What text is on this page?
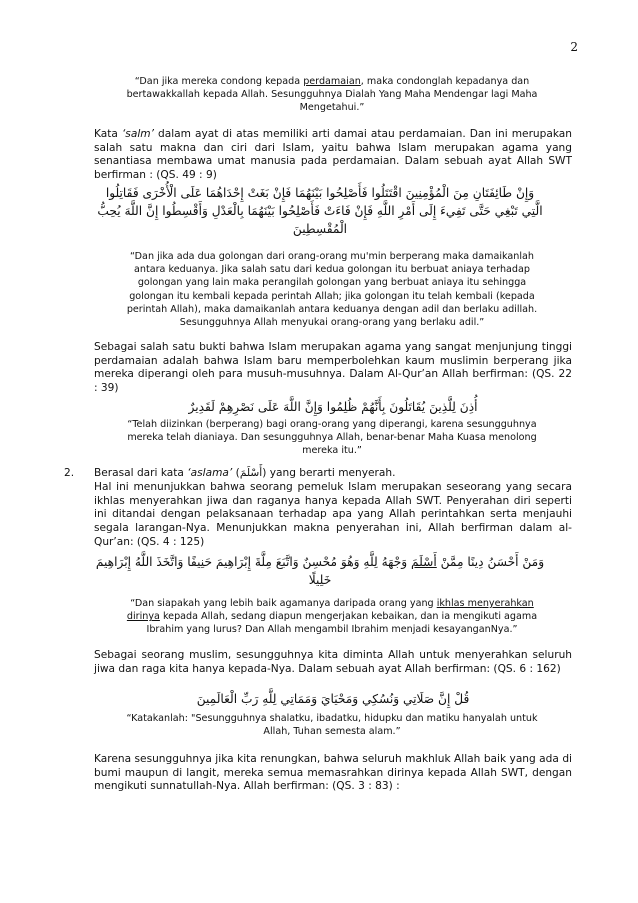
2
“Dan jika mereka condong kepada perdamaian, maka condonglah kepadanya dan
bertawakkallah kepada Allah. Sesungguhnya Dialah Yang Maha Mendengar lagi Maha
Mengetahui.”
Kata ‘salm’ dalam ayat di atas memiliki arti damai atau perdamaian. Dan ini merupakan salah satu makna dan ciri dari Islam, yaitu bahwa Islam merupakan agama yang senantiasa membawa umat manusia pada perdamaian. Dalam sebuah ayat Allah SWT berfirman : (QS. 49 : 9)
وَإِنْ طَائِفَتَانِ مِنَ الْمُؤْمِنِينَ اقْتَتَلُوا فَأَصْلِحُوا بَيْنَهُمَا فَإِنْ بَغَتْ إِحْدَاهُمَا عَلَى الْأُخْرَى فَقَاتِلُوا
الَّتِي تَبْغِي حَتَّى تَفِيءَ إِلَى أَمْرِ اللَّهِ فَإِنْ فَاءَتْ فَأَصْلِحُوا بَيْنَهُمَا بِالْعَدْلِ وَأَقْسِطُوا إِنَّ اللَّهَ يُحِبُّ
الْمُقْسِطِينَ
“Dan jika ada dua golongan dari orang-orang mu'min berperang maka damaikanlah
antara keduanya. Jika salah satu dari kedua golongan itu berbuat aniaya terhadap
golongan yang lain maka perangilah golongan yang berbuat aniaya itu sehingga
golongan itu kembali kepada perintah Allah; jika golongan itu telah kembali (kepada
perintah Allah), maka damaikanlah antara keduanya dengan adil dan berlaku adillah.
Sesungguhnya Allah menyukai orang-orang yang berlaku adil.”
Sebagai salah satu bukti bahwa Islam merupakan agama yang sangat menjunjung tinggi perdamaian adalah bahwa Islam baru memperbolehkan kaum muslimin berperang jika mereka diperangi oleh para musuh-musuhnya. Dalam Al-Qur’an Allah berfirman: (QS. 22 : 39)
أُذِنَ لِلَّذِينَ يُقَاتَلُونَ بِأَنَّهُمْ ظُلِمُوا وَإِنَّ اللَّهَ عَلَى نَصْرِهِمْ لَقَدِيرٌ
“Telah diizinkan (berperang) bagi orang-orang yang diperangi, karena sesungguhnya
mereka telah dianiaya. Dan sesungguhnya Allah, benar-benar Maha Kuasa menolong
mereka itu.”
2. Berasal dari kata ‘aslama’ (أَسْلَمَ) yang berarti menyerah.
Hal ini menunjukkan bahwa seorang pemeluk Islam merupakan seseorang yang secara ikhlas menyerahkan jiwa dan raganya hanya kepada Allah SWT. Penyerahan diri seperti ini ditandai dengan pelaksanaan terhadap apa yang Allah perintahkan serta menjauhi segala larangan-Nya. Menunjukkan makna penyerahan ini, Allah berfirman dalam al-Qur’an: (QS. 4 : 125)
وَمَنْ أَحْسَنُ دِينًا مِمَّنْ أَسْلَمَ وَجْهَهُ لِلَّهِ وَهُوَ مُحْسِنٌ وَاتَّبَعَ مِلَّةَ إِبْرَاهِيمَ حَنِيفًا وَاتَّخَذَ اللَّهُ إِبْرَاهِيمَ
خَلِيلًا
“Dan siapakah yang lebih baik agamanya daripada orang yang ikhlas menyerahkan
dirinya kepada Allah, sedang diapun mengerjakan kebaikan, dan ia mengikuti agama
Ibrahim yang lurus? Dan Allah mengambil Ibrahim menjadi kesayanganNya.”
Sebagai seorang muslim, sesungguhnya kita diminta Allah untuk menyerahkan seluruh jiwa dan raga kita hanya kepada-Nya. Dalam sebuah ayat Allah berfirman: (QS. 6 : 162)
قُلْ إِنَّ صَلَاتِي وَنُسُكِي وَمَحْيَايَ وَمَمَاتِي لِلَّهِ رَبِّ الْعَالَمِينَ
“Katakanlah: "Sesungguhnya shalatku, ibadatku, hidupku dan matiku hanyalah untuk
Allah, Tuhan semesta alam.”
Karena sesungguhnya jika kita renungkan, bahwa seluruh makhluk Allah baik yang ada di bumi maupun di langit, mereka semua memasrahkan dirinya kepada Allah SWT, dengan mengikuti sunnatullah-Nya. Allah berfirman: (QS. 3 : 83) :
